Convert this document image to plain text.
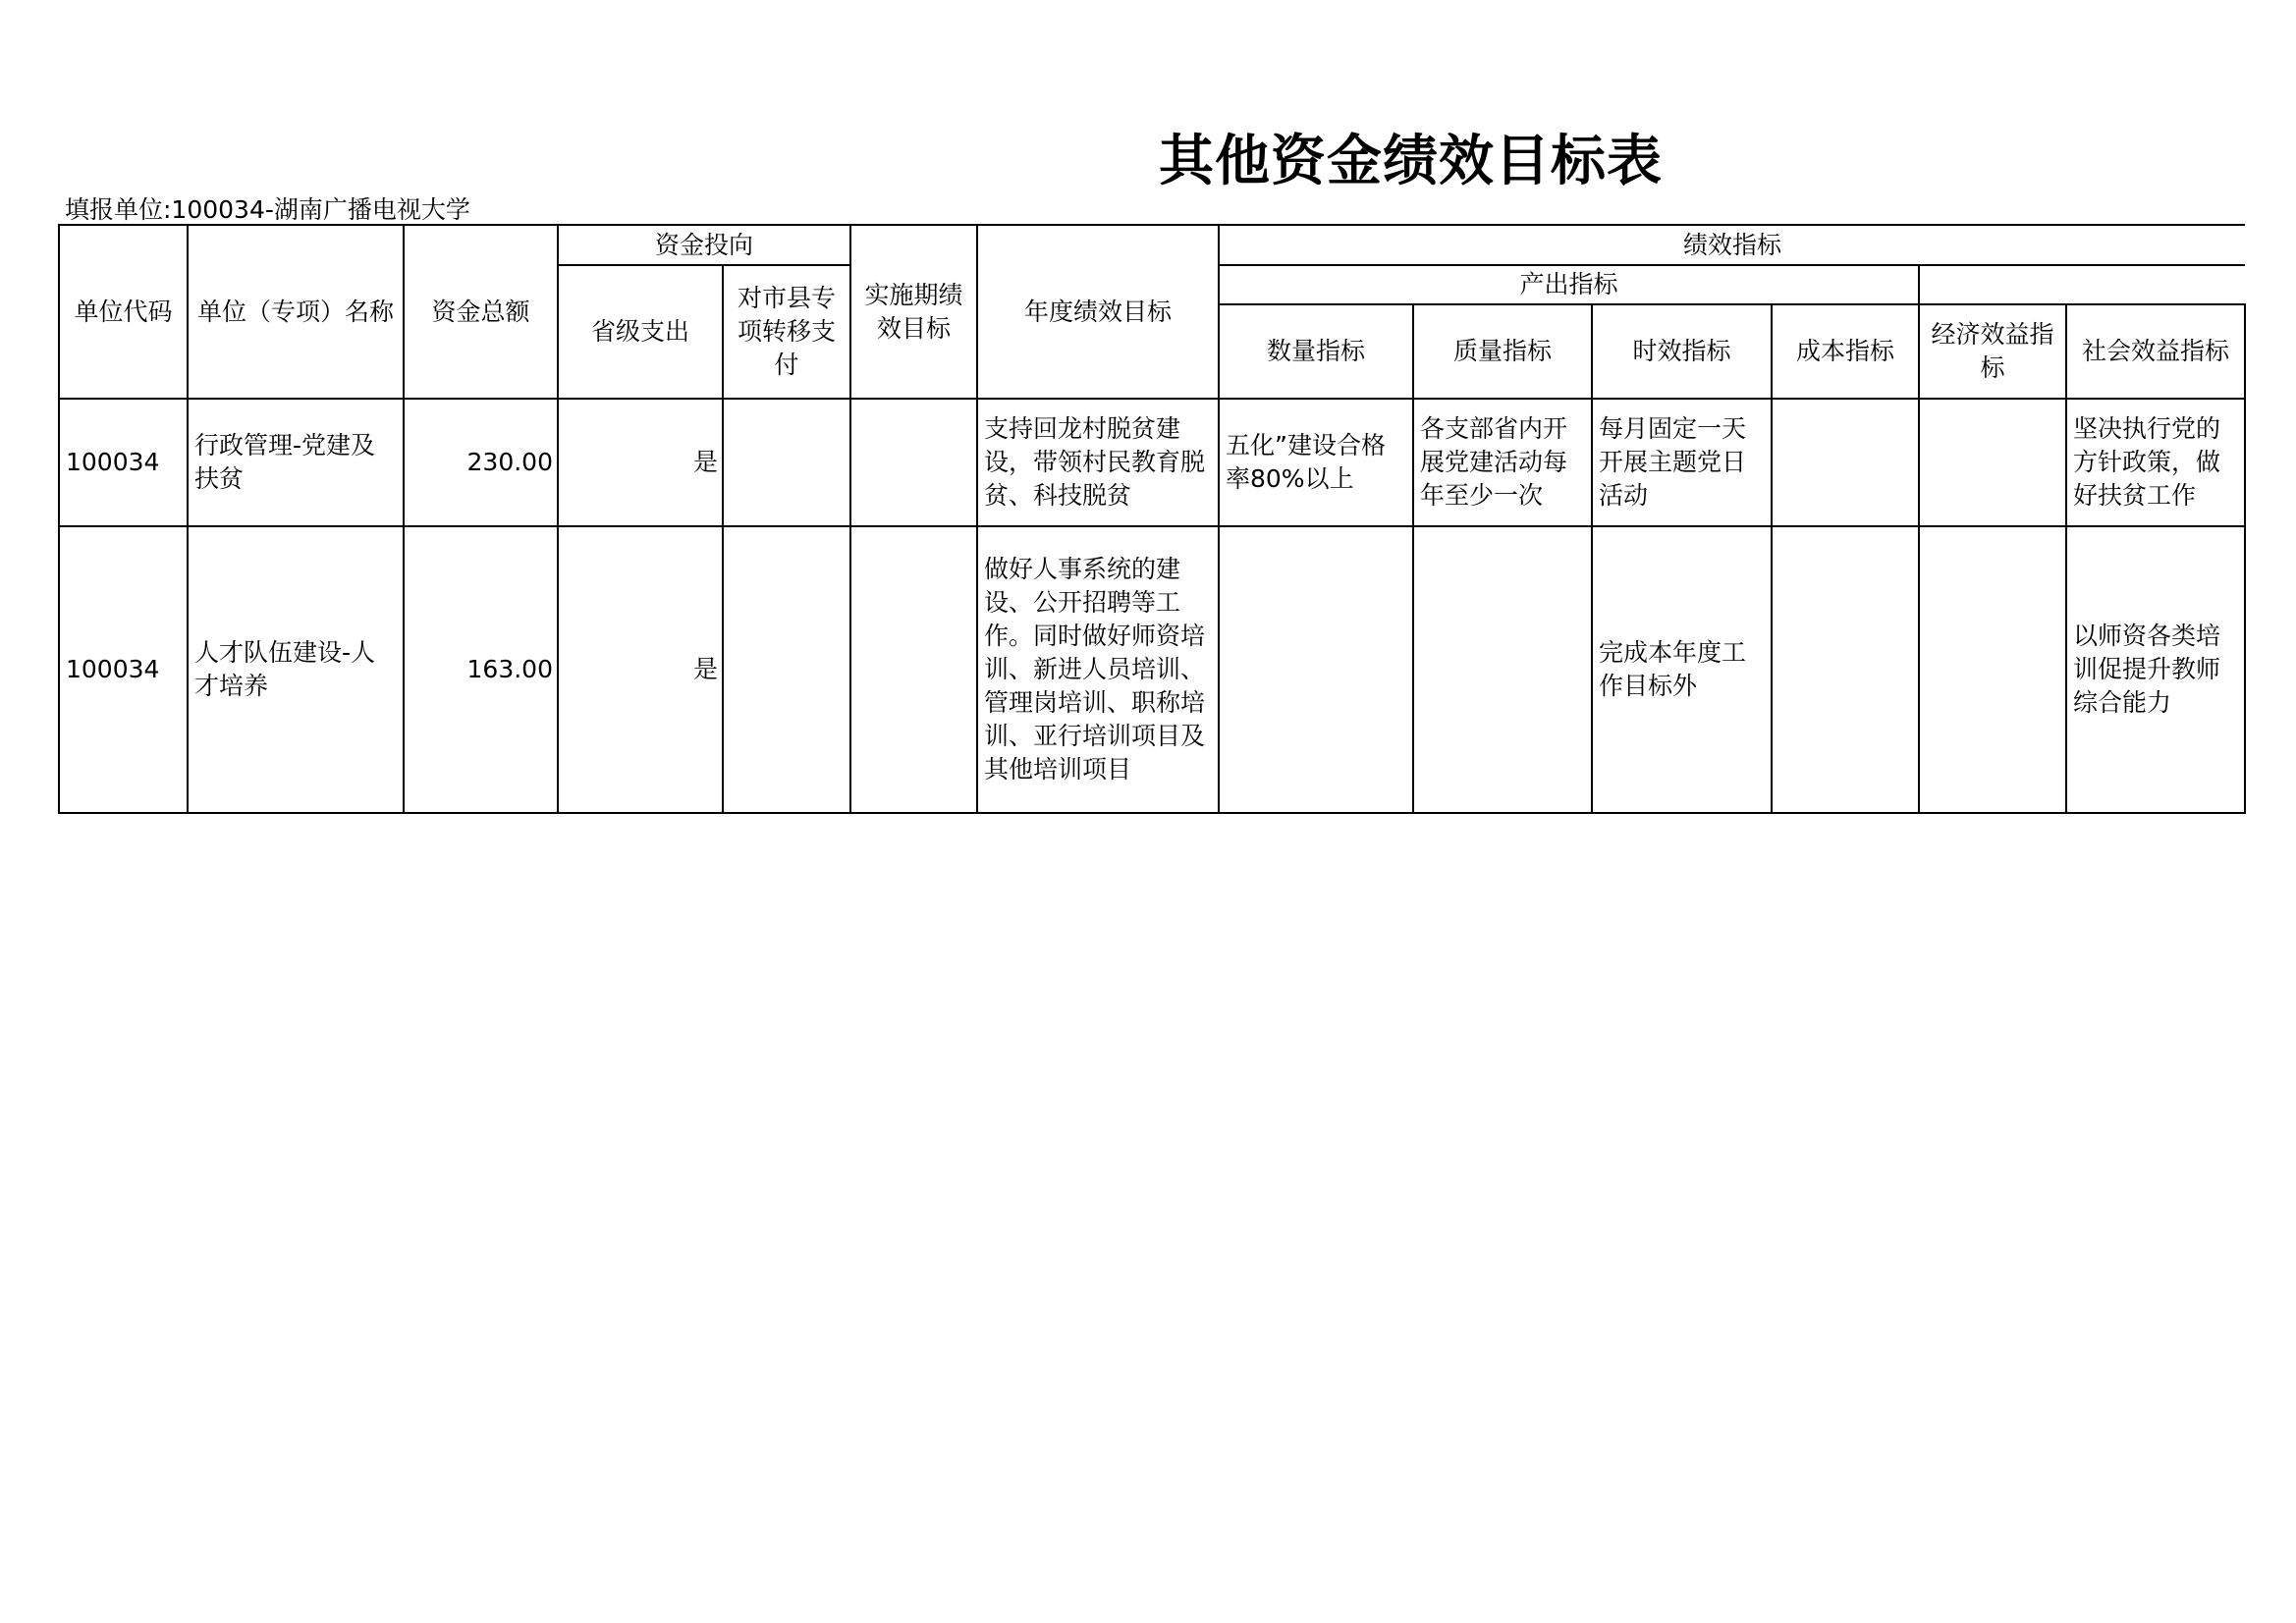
其他资金绩效目标表
填报单位:100034-湖南广播电视大学
单位代码	单位（专项）名称	资金总额	资金投向		实施期绩效目标	年度绩效目标	绩效指标					
			省级支出	对市县专项转移支付			产出指标					
							数量指标	质量指标	时效指标	成本指标	经济效益指标	社会效益指标
100034	行政管理-党建及扶贫	230.00	是			支持回龙村脱贫建设，带领村民教育脱贫、科技脱贫	五化”建设合格率80%以上	各支部省内开展党建活动每年至少一次	每月固定一天开展主题党日活动			坚决执行党的方针政策，做好扶贫工作
100034	人才队伍建设-人才培养	163.00	是			做好人事系统的建设、公开招聘等工作。同时做好师资培训、新进人员培训、管理岗培训、职称培训、亚行培训项目及其他培训项目			完成本年度工作目标外			以师资各类培训促提升教师综合能力
